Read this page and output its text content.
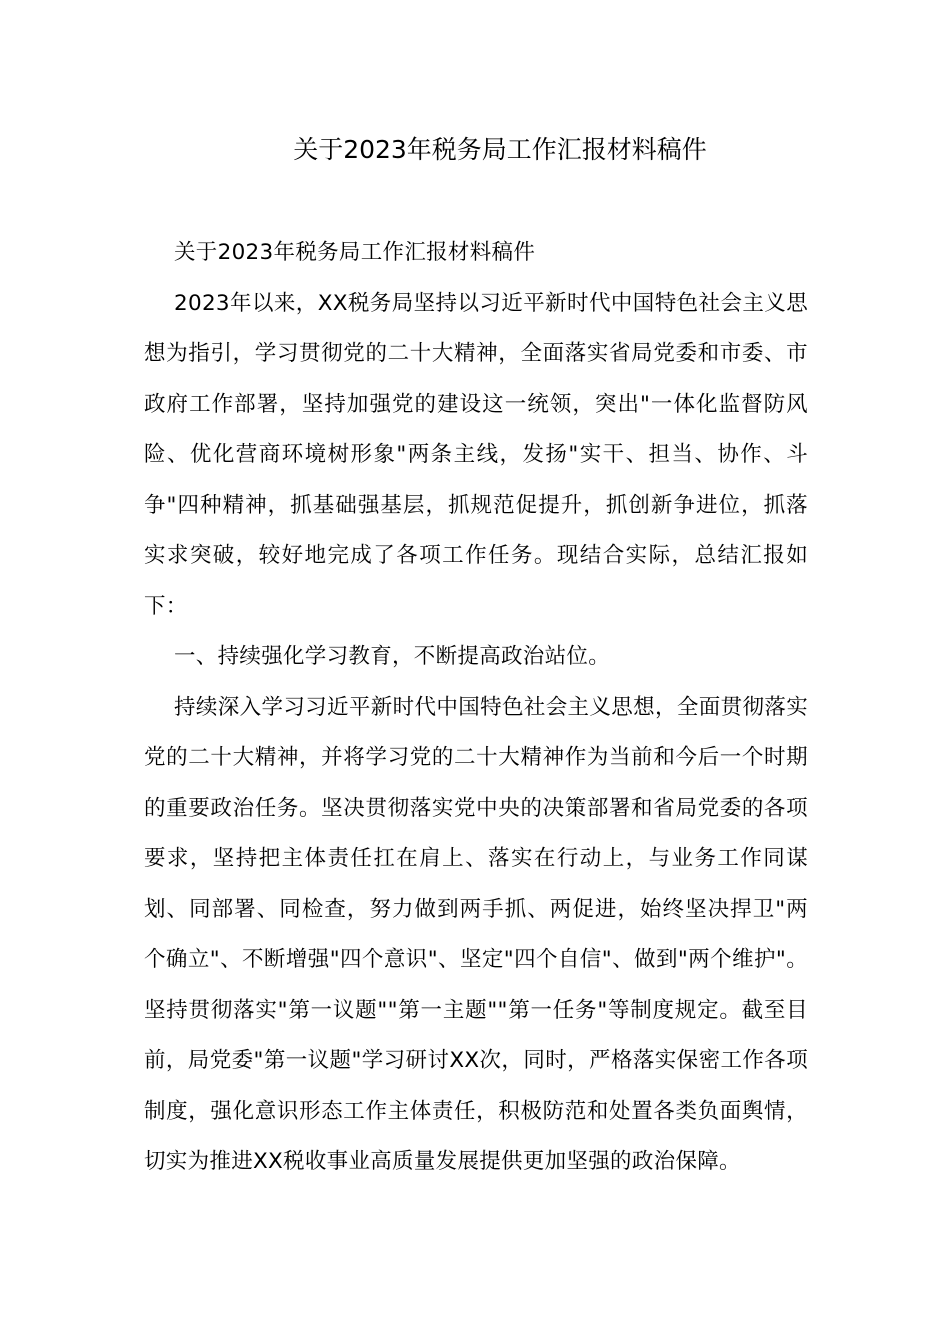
关于2023年税务局工作汇报材料稿件

关于2023年税务局工作汇报材料稿件

2023年以来，XX税务局坚持以习近平新时代中国特色社会主义思想为指引，学习贯彻党的二十大精神，全面落实省局党委和市委、市政府工作部署，坚持加强党的建设这一统领，突出"一体化监督防风险、优化营商环境树形象"两条主线，发扬"实干、担当、协作、斗争"四种精神，抓基础强基层，抓规范促提升，抓创新争进位，抓落实求突破，较好地完成了各项工作任务。现结合实际，总结汇报如下：

一、持续强化学习教育，不断提高政治站位。

持续深入学习习近平新时代中国特色社会主义思想，全面贯彻落实党的二十大精神，并将学习党的二十大精神作为当前和今后一个时期的重要政治任务。坚决贯彻落实党中央的决策部署和省局党委的各项要求，坚持把主体责任扛在肩上、落实在行动上，与业务工作同谋划、同部署、同检查，努力做到两手抓、两促进，始终坚决捍卫"两个确立"、不断增强"四个意识"、坚定"四个自信"、做到"两个维护"。坚持贯彻落实"第一议题""第一主题""第一任务"等制度规定。截至目前，局党委"第一议题"学习研讨XX次，同时，严格落实保密工作各项制度，强化意识形态工作主体责任，积极防范和处置各类负面舆情，切实为推进XX税收事业高质量发展提供更加坚强的政治保障。
